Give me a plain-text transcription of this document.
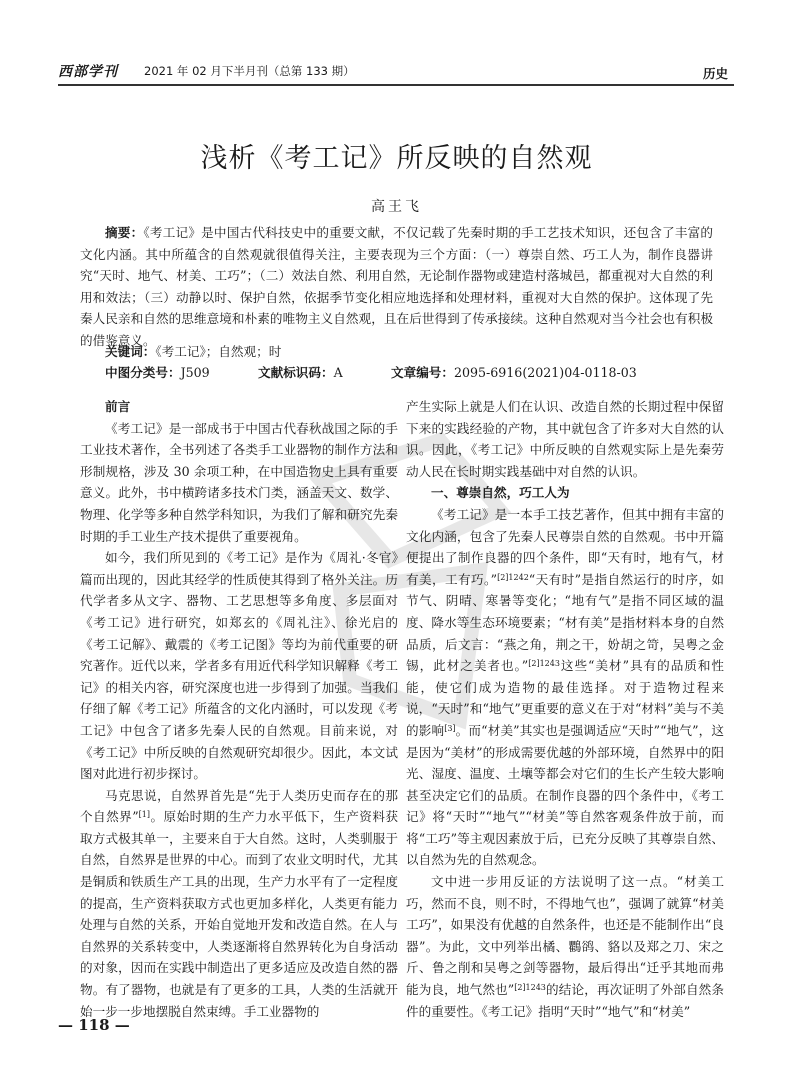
西部学刊 2021 年 02 月下半月刊（总第 133 期）	历史
浅析《考工记》所反映的自然观
高王飞

摘要：《考工记》是中国古代科技史中的重要文献，不仅记载了先秦时期的手工艺技术知识，还包含了丰富的文化内涵。其中所蕴含的自然观就很值得关注，主要表现为三个方面：（一）尊崇自然、巧工人为，制作良器讲究“天时、地气、材美、工巧”；（二）效法自然、利用自然，无论制作器物或建造村落城邑，都重视对大自然的利用和效法；（三）动静以时、保护自然，依据季节变化相应地选择和处理材料，重视对大自然的保护。这体现了先秦人民亲和自然的思维意境和朴素的唯物主义自然观，且在后世得到了传承接续。这种自然观对当今社会也有积极的借鉴意义。

关键词：《考工记》；自然观；时
中图分类号：J509	文献标识码：A	文章编号：2095-6916(2021)04-0118-03
前言

《考工记》是一部成书于中国古代春秋战国之际的手工业技术著作，全书列述了各类手工业器物的制作方法和形制规格，涉及 30 余项工种，在中国造物史上具有重要意义。此外，书中横跨诸多技术门类，涵盖天文、数学、物理、化学等多种自然学科知识，为我们了解和研究先秦时期的手工业生产技术提供了重要视角。

如今，我们所见到的《考工记》是作为《周礼·冬官》篇而出现的，因此其经学的性质使其得到了格外关注。历代学者多从文字、器物、工艺思想等多角度、多层面对《考工记》进行研究，如郑玄的《周礼注》、徐光启的《考工记解》、戴震的《考工记图》等均为前代重要的研究著作。近代以来，学者多有用近代科学知识解释《考工记》的相关内容，研究深度也进一步得到了加强。当我们仔细了解《考工记》所蕴含的文化内涵时，可以发现《考工记》中包含了诸多先秦人民的自然观。目前来说，对《考工记》中所反映的自然观研究却很少。因此，本文试图对此进行初步探讨。

马克思说，自然界首先是“先于人类历史而存在的那个自然界”[1]。原始时期的生产力水平低下，生产资料获取方式极其单一，主要来自于大自然。这时，人类驯服于自然，自然界是世界的中心。而到了农业文明时代，尤其是铜质和铁质生产工具的出现，生产力水平有了一定程度的提高，生产资料获取方式也更加多样化，人类更有能力处理与自然的关系，开始自觉地开发和改造自然。在人与自然界的关系转变中，人类逐渐将自然界转化为自身活动的对象，因而在实践中制造出了更多适应及改造自然的器物。有了器物，也就是有了更多的工具，人类的生活就开始一步一步地摆脱自然束缚。手工业器物的

产生实际上就是人们在认识、改造自然的长期过程中保留下来的实践经验的产物，其中就包含了许多对大自然的认识。因此，《考工记》中所反映的自然观实际上是先秦劳动人民在长时期实践基础中对自然的认识。

一、尊崇自然，巧工人为

《考工记》是一本手工技艺著作，但其中拥有丰富的文化内涵，包含了先秦人民尊崇自然的自然观。书中开篇便提出了制作良器的四个条件，即“天有时，地有气，材有美，工有巧。”$^{[2]1242}$“天有时”是指自然运行的时序，如节气、阴晴、寒暑等变化；“地有气”是指不同区域的温度、降水等生态环境要素；“材有美”是指材料本身的自然品质，后文言：“燕之角，荆之干，妢胡之笴，吴粤之金锡，此材之美者也。”$^{[2]1243}$这些“美材”具有的品质和性能，使它们成为造物的最佳选择。对于造物过程来说，“天时”和“地气”更重要的意义在于对“材料”美与不美的影响[3]。而“材美”其实也是强调适应“天时”“地气”，这是因为“美材”的形成需要优越的外部环境，自然界中的阳光、湿度、温度、土壤等都会对它们的生长产生较大影响甚至决定它们的品质。在制作良器的四个条件中，《考工记》将“天时”“地气”“材美”等自然客观条件放于前，而将“工巧”等主观因素放于后，已充分反映了其尊崇自然、以自然为先的自然观念。

文中进一步用反证的方法说明了这一点。“材美工巧，然而不良，则不时，不得地气也”，强调了就算“材美工巧”，如果没有优越的自然条件，也还是不能制作出“良器”。为此，文中列举出橘、鸜鹆、貉以及郑之刀、宋之斤、鲁之削和吴粤之剑等器物，最后得出“迁乎其地而弗能为良，地气然也”$^{[2]1243}$的结论，再次证明了外部自然条件的重要性。《考工记》指明“天时”“地气”和“材美”

— 118 —
